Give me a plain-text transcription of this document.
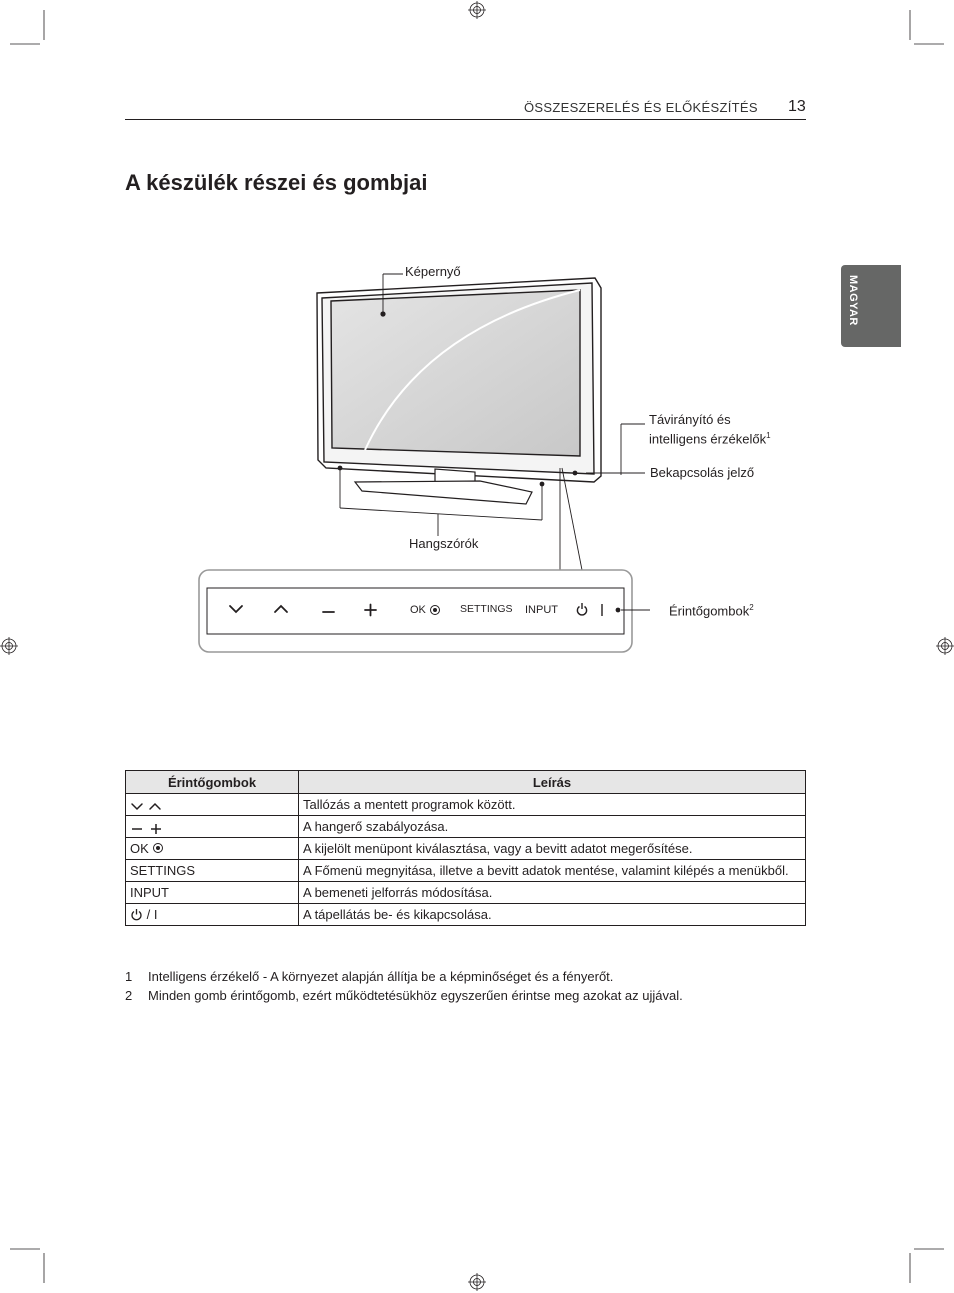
ÖSSZESZERELÉS ÉS ELŐKÉSZÍTÉS 13
A készülék részei és gombjai
MAGYAR
Képernyő
Távirányító és
intelligens érzékelők$^1$
Bekapcsolás jelző
Hangszórók
Érintőgombok$^2$
OK	SETTINGS INPUT
Érintőgombok	Leírás
	Tallózás a mentett programok között.
	A hangerő szabályozása.
OK	A kijelölt menüpont kiválasztása, vagy a bevitt adatot megerősítése.
SETTINGS	A Főmenü megnyitása, illetve a bevitt adatok mentése, valamint kilépés a menükből.
INPUT	A bemeneti jelforrás módosítása.
/ I	A tápellátás be- és kikapcsolása.
1 Intelligens érzékelő - A környezet alapján állítja be a képminőséget és a fényerőt.
2 Minden gomb érintőgomb, ezért működtetésükhöz egyszerűen érintse meg azokat az ujjával.
